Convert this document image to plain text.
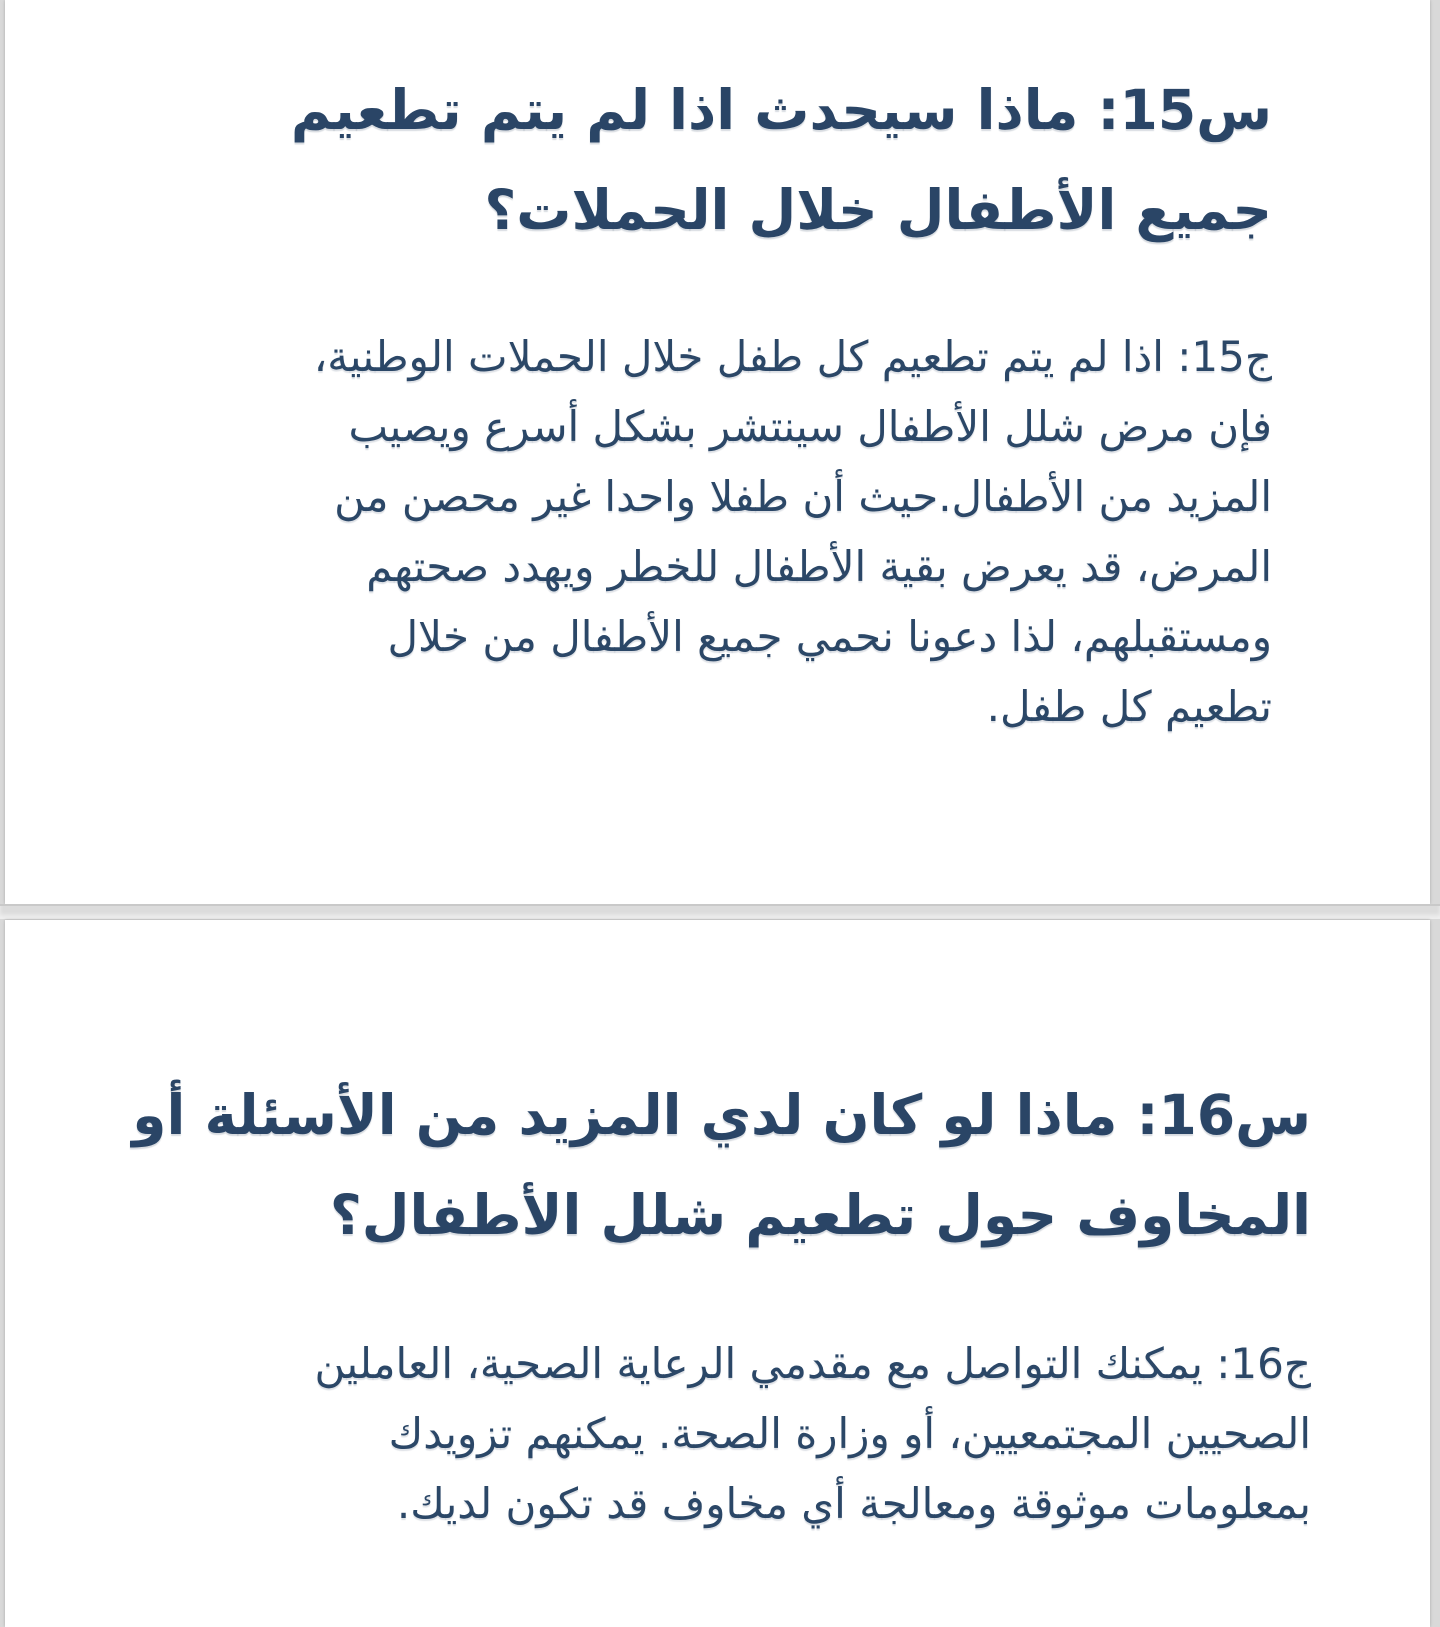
س15: ماذا سيحدث اذا لم يتم تطعيم
جميع الأطفال خلال الحملات؟
ج15: اذا لم يتم تطعيم كل طفل خلال الحملات الوطنية،
فإن مرض شلل الأطفال سينتشر بشكل أسرع ويصيب
المزيد من الأطفال.حيث أن طفلا واحدا غير محصن من
المرض، قد يعرض بقية الأطفال للخطر ويهدد صحتهم
ومستقبلهم، لذا دعونا نحمي جميع الأطفال من خلال
تطعيم كل طفل.
س16: ماذا لو كان لدي المزيد من الأسئلة أو
المخاوف حول تطعيم شلل الأطفال؟
ج16: يمكنك التواصل مع مقدمي الرعاية الصحية، العاملين
الصحيين المجتمعيين، أو وزارة الصحة. يمكنهم تزويدك
بمعلومات موثوقة ومعالجة أي مخاوف قد تكون لديك.
